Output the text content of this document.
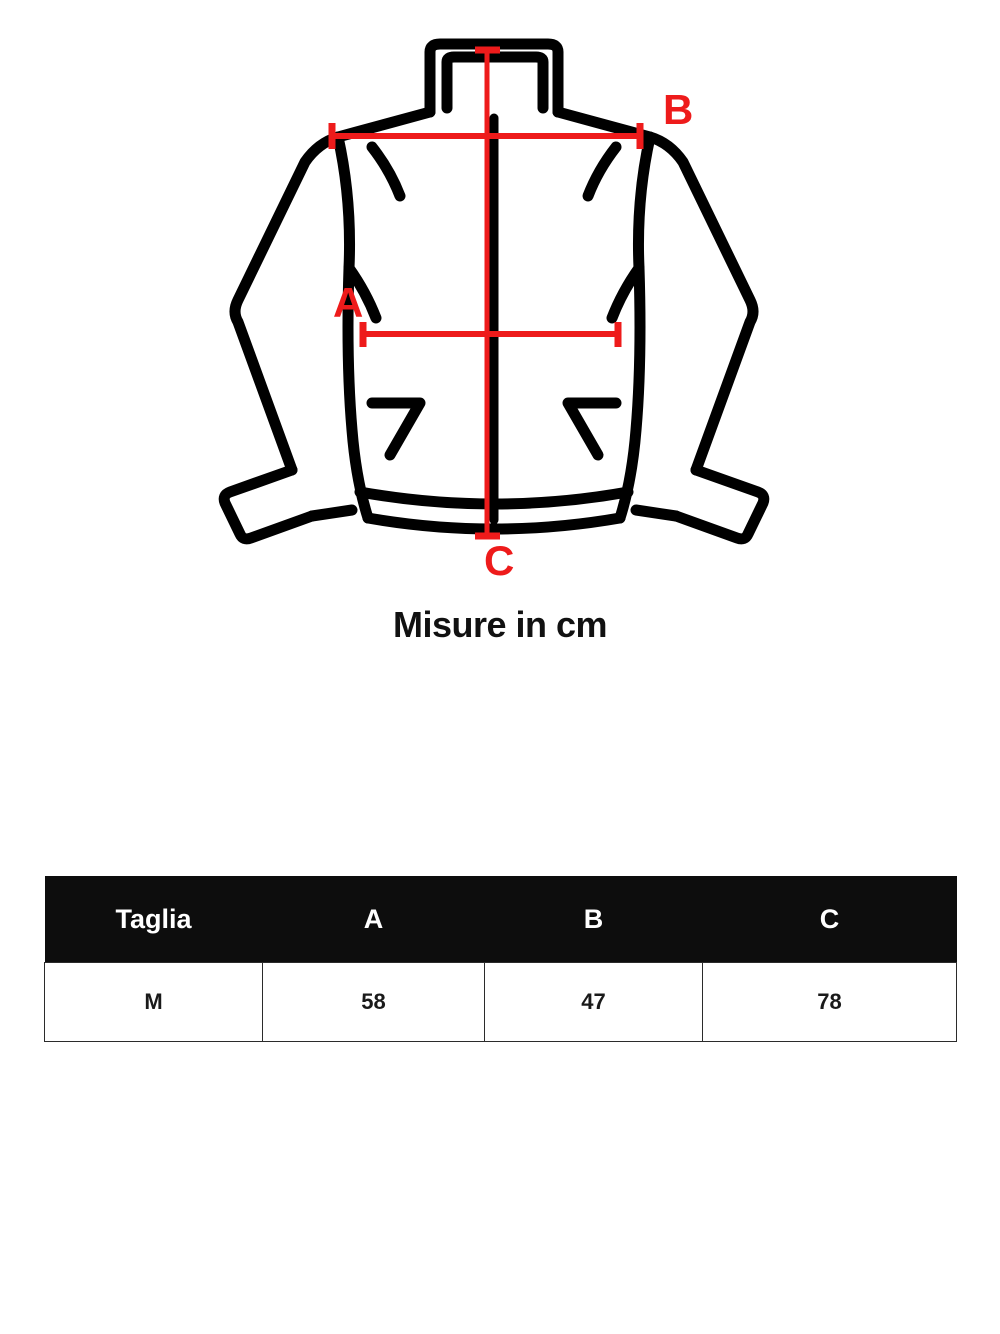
B
A
C
Misure in cm
Taglia	A	B	C
M	58	47	78
